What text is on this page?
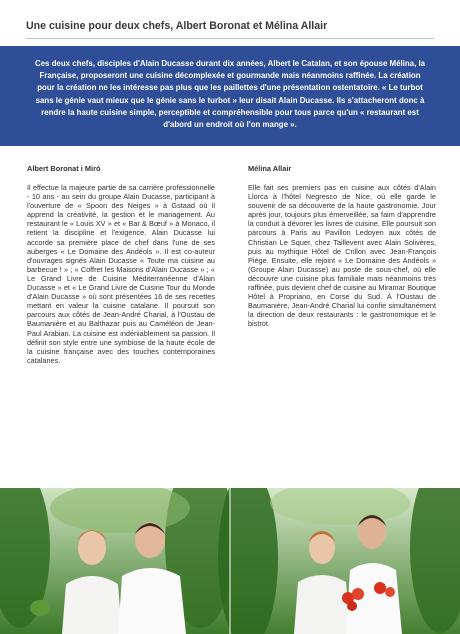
Une cuisine pour deux chefs, Albert Boronat et Mélina Allair

Ces deux chefs, disciples d'Alain Ducasse durant dix années, Albert le Catalan, et son épouse Mélina, la Française, proposeront une cuisine décomplexée et gourmande mais néanmoins raffinée. La création pour la création ne les intéresse pas plus que les paillettes d'une présentation ostentatoire. « Le turbot sans le génie vaut mieux que le génie sans le turbot » leur disait Alain Ducasse. Ils s'attacheront donc à rendre la haute cuisine simple, perceptible et compréhensible pour tous parce qu'un « restaurant est d'abord un endroit où l'on mange ».

Albert Boronat i Miró

Il effectue la majeure partie de sa carrière professionnelle - 10 ans - au sein du groupe Alain Ducasse, participant à l'ouverture de « Spoon des Neiges » à Gstaad où il apprend la créativité, la gestion et le management. Au restaurant le « Louis XV » et « Bar & Bœuf » à Monaco, il retient la discipline et l'exigence. Alain Ducasse lui accorde sa première place de chef dans l'une de ses auberges « Le Domaine des Andéols ». Il est co-auteur d'ouvrages signés Alain Ducasse « Toute ma cuisine au barbecue ! » ; « Coffret les Maisons d'Alain Ducasse » ; « Le Grand Livre de Cuisine Méditerranéenne d'Alain Ducasse » et « Le Grand Livre de Cuisine Tour du Monde d'Alain Ducasse » où sont présentées 16 de ses recettes mettant en valeur la cuisine catalane. Il poursuit son parcours aux côtés de Jean-André Charial, à l'Oustau de Baumanière et au Balthazar puis au Caméléon de Jean-Paul Arabian. La cuisine est indéniablement sa passion. Il définit son style entre une symbiose de la haute école de la cuisine française avec des touches contemporaines catalanes.

Mélina Allair

Elle fait ses premiers pas en cuisine aux côtés d'Alain Llorca à l'hôtel Negresco de Nice, où elle garde le souvenir de sa découverte de la haute gastronomie. Jour après jour, toujours plus émerveillée, sa faim d'apprendre la conduit à dévorer les livres de cuisine. Elle poursuit son parcours à Paris au Pavillon Ledoyen aux côtés de Christian Le Squer, chez Taillevent avec Alain Solivères, puis au mythique Hôtel de Crillon avec Jean-François Piège. Ensuite, elle rejoint « Le Domaine des Andéols » (Groupe Alain Ducasse) au poste de sous-chef, où elle découvre une cuisine plus familiale mais néanmoins très raffinée, puis devient chef de cuisine au Miramar Boutique Hôtel à Propriano, en Corse du Sud. À l'Oustau de Baumanière, Jean-André Charial lui confie simultanément la direction de deux restaurants : le gastronomique et le bistrot.
